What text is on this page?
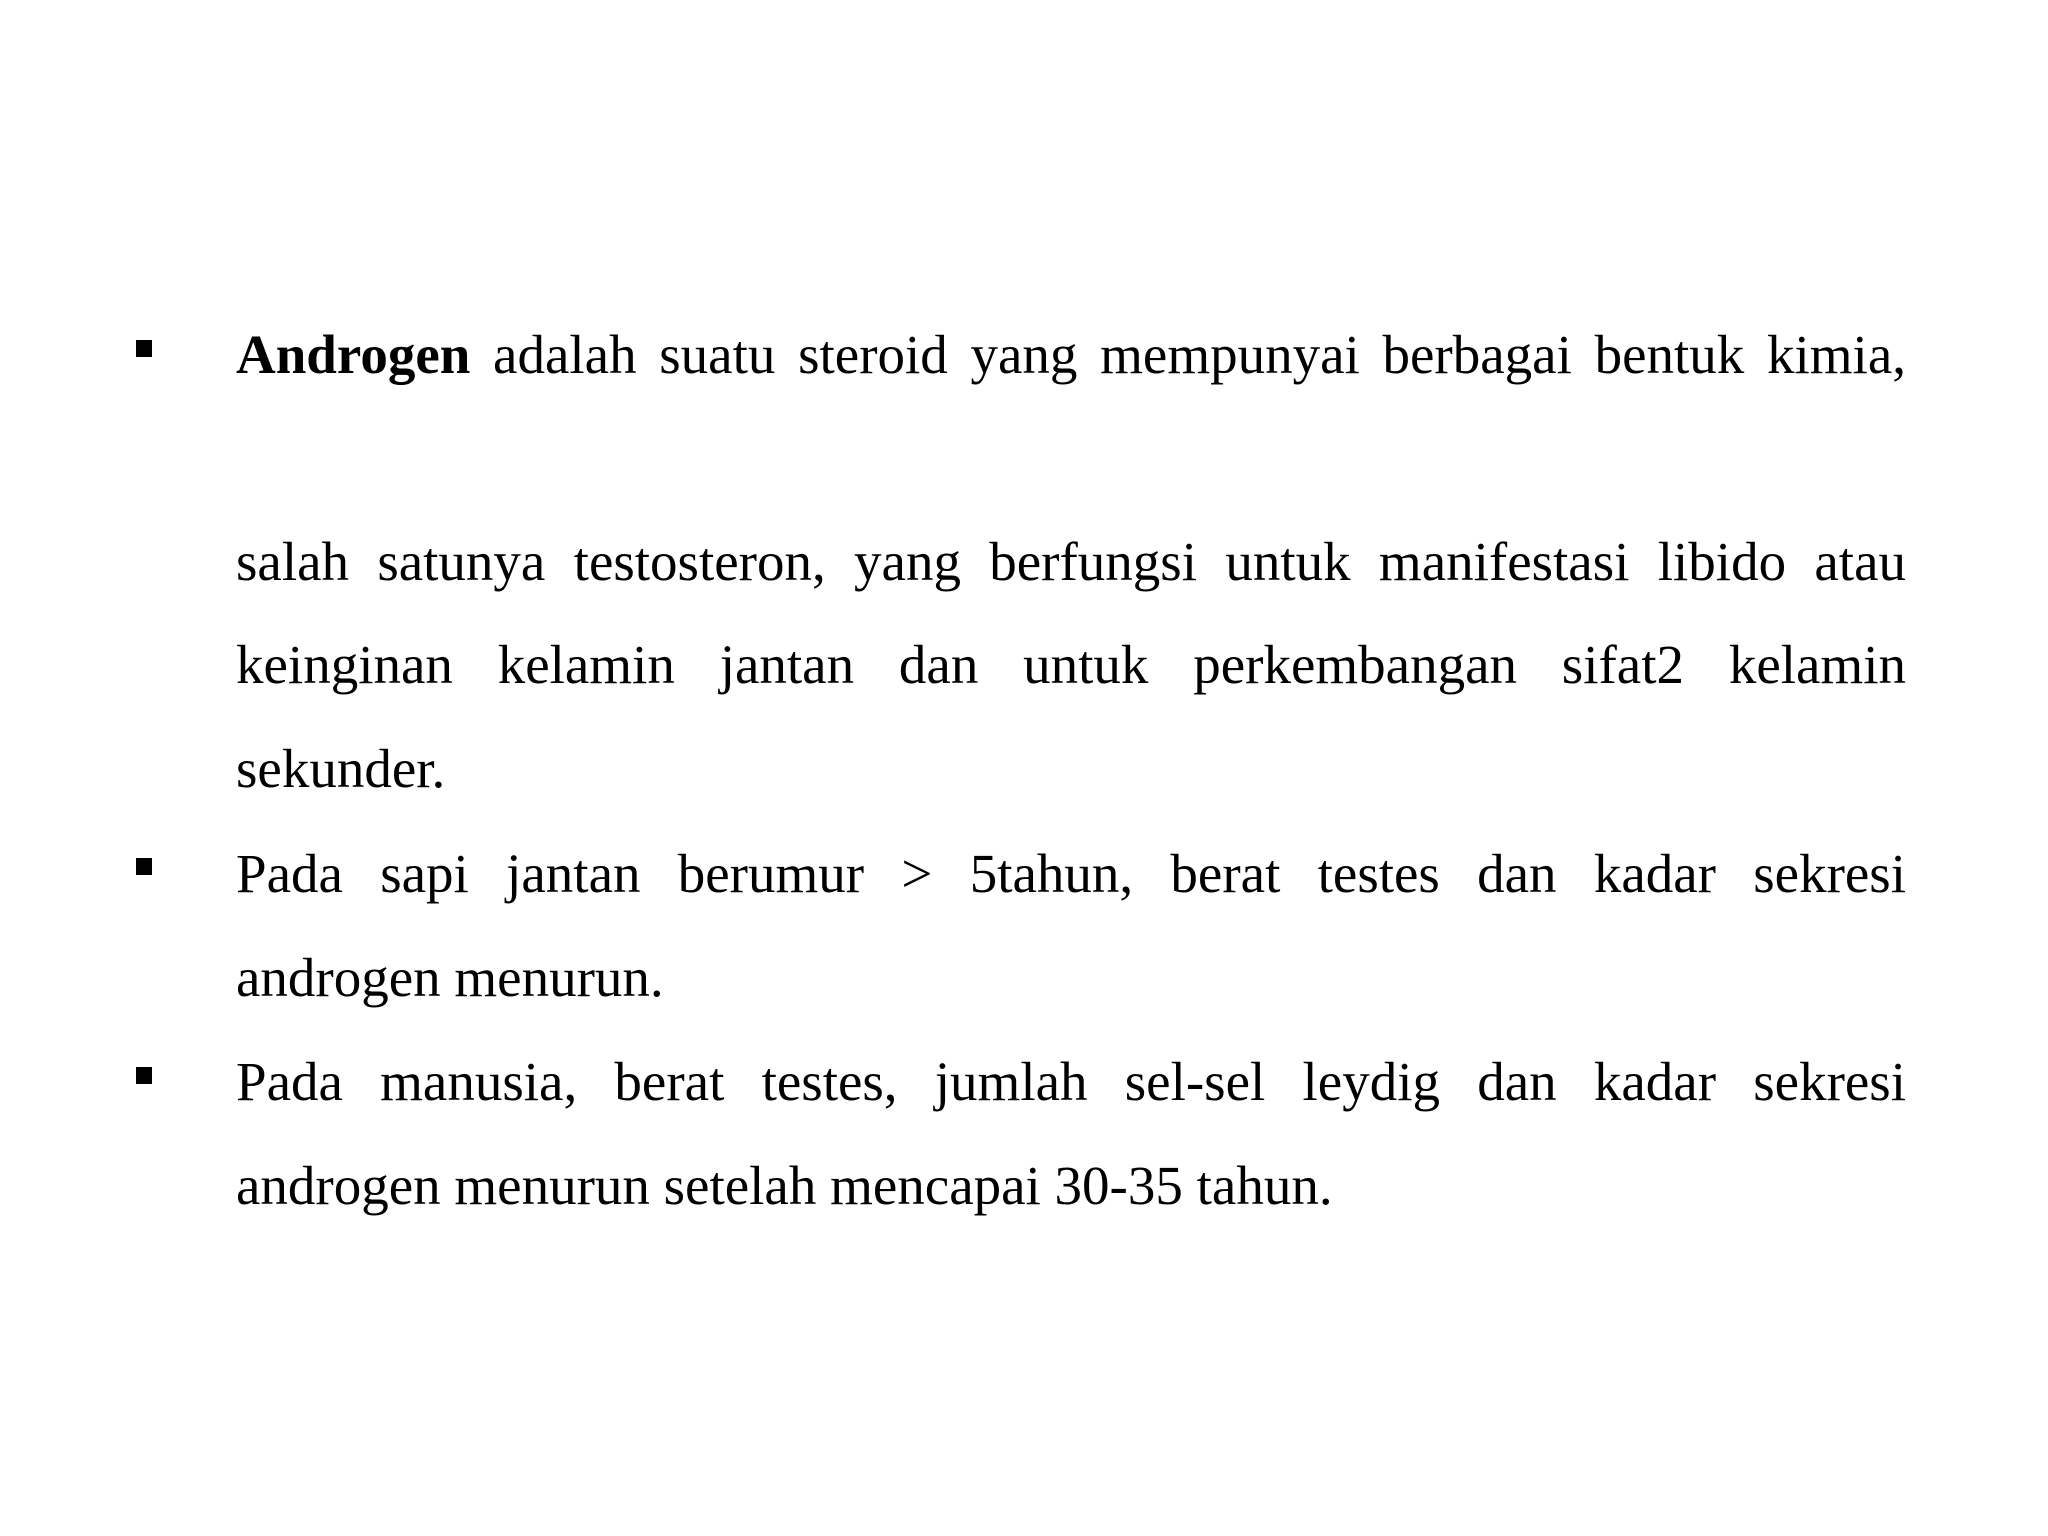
Androgen adalah suatu steroid yang mempunyai berbagai bentuk kimia,
salah satunya testosteron, yang berfungsi untuk manifestasi libido atau
keinginan kelamin jantan dan untuk perkembangan sifat2 kelamin
sekunder.
Pada sapi jantan berumur > 5tahun, berat testes dan kadar sekresi
androgen menurun.
Pada manusia, berat testes, jumlah sel-sel leydig dan kadar sekresi
androgen menurun setelah mencapai 30-35 tahun.
